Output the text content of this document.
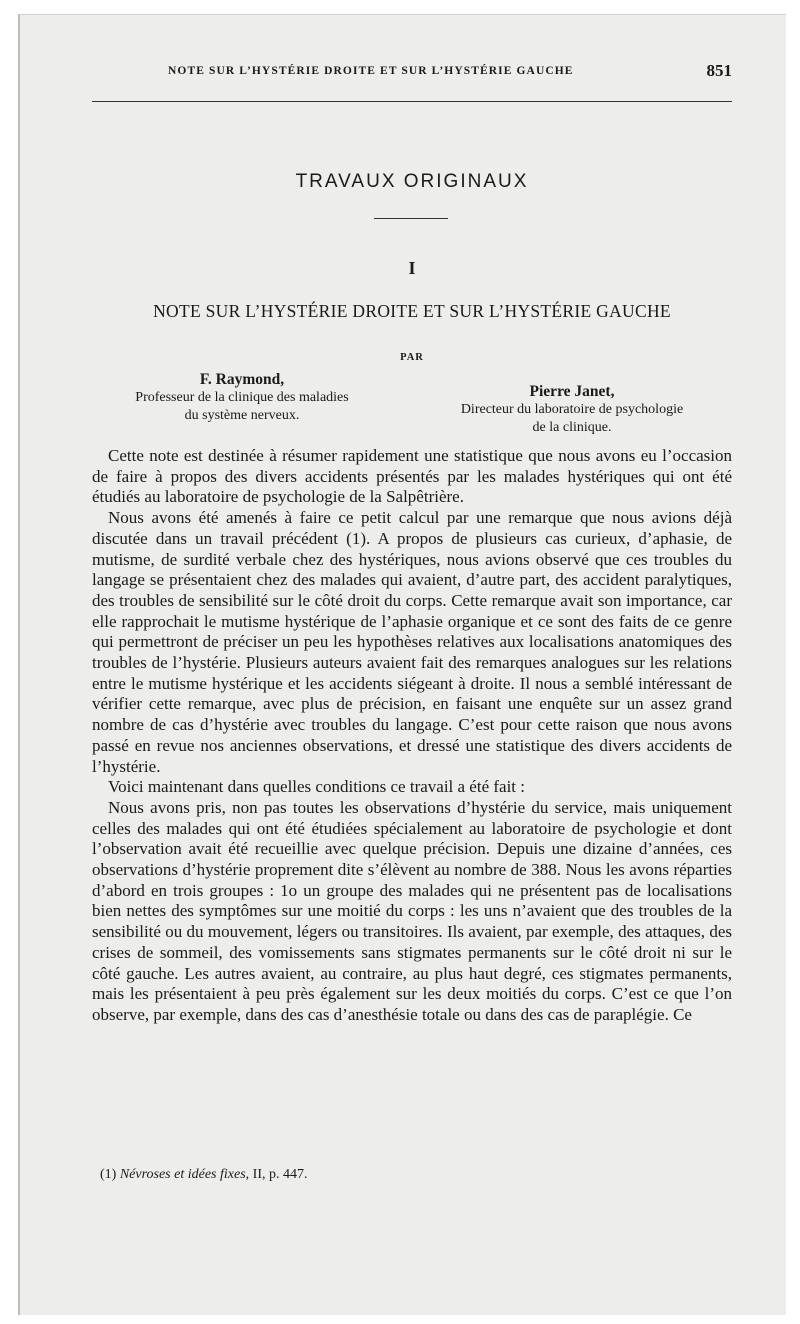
NOTE SUR L’HYSTÉRIE DROITE ET SUR L’HYSTÉRIE GAUCHE	851
TRAVAUX ORIGINAUX
I
NOTE SUR L’HYSTÉRIE DROITE ET SUR L’HYSTÉRIE GAUCHE
PAR
F. Raymond,
Professeur de la clinique des maladies
du système nerveux.
Pierre Janet,
Directeur du laboratoire de psychologie
de la clinique.

Cette note est destinée à résumer rapidement une statistique que nous avons eu l’occasion de faire à propos des divers accidents présentés par les malades hystériques qui ont été étudiés au laboratoire de psychologie de la Salpêtrière.

Nous avons été amenés à faire ce petit calcul par une remarque que nous avions déjà discutée dans un travail précédent (1). A propos de plusieurs cas curieux, d’aphasie, de mutisme, de surdité verbale chez des hystériques, nous avions observé que ces troubles du langage se présentaient chez des malades qui avaient, d’autre part, des accident paralytiques, des troubles de sensibilité sur le côté droit du corps. Cette remarque avait son importance, car elle rapprochait le mutisme hystérique de l’aphasie organique et ce sont des faits de ce genre qui permettront de préciser un peu les hypothèses relatives aux localisations anatomiques des troubles de l’hystérie. Plusieurs auteurs avaient fait des remarques analogues sur les relations entre le mutisme hystérique et les accidents siégeant à droite. Il nous a semblé intéressant de vérifier cette remarque, avec plus de précision, en faisant une enquête sur un assez grand nombre de cas d’hystérie avec troubles du langage. C’est pour cette raison que nous avons passé en revue nos anciennes observations, et dressé une statistique des divers accidents de l’hystérie.

Voici maintenant dans quelles conditions ce travail a été fait :

Nous avons pris, non pas toutes les observations d’hystérie du service, mais uniquement celles des malades qui ont été étudiées spécialement au laboratoire de psychologie et dont l’observation avait été recueillie avec quelque précision. Depuis une dizaine d’années, ces observations d’hystérie proprement dite s’élèvent au nombre de 388. Nous les avons réparties d’abord en trois groupes : 1o un groupe des malades qui ne présentent pas de localisations bien nettes des symptômes sur une moitié du corps : les uns n’avaient que des troubles de la sensibilité ou du mouvement, légers ou transitoires. Ils avaient, par exemple, des attaques, des crises de sommeil, des vomissements sans stigmates permanents sur le côté droit ni sur le côté gauche. Les autres avaient, au contraire, au plus haut degré, ces stigmates permanents, mais les présentaient à peu près également sur les deux moitiés du corps. C’est ce que l’on observe, par exemple, dans des cas d’anesthésie totale ou dans des cas de paraplégie. Ce

(1) Névroses et idées fixes, II, p. 447.
